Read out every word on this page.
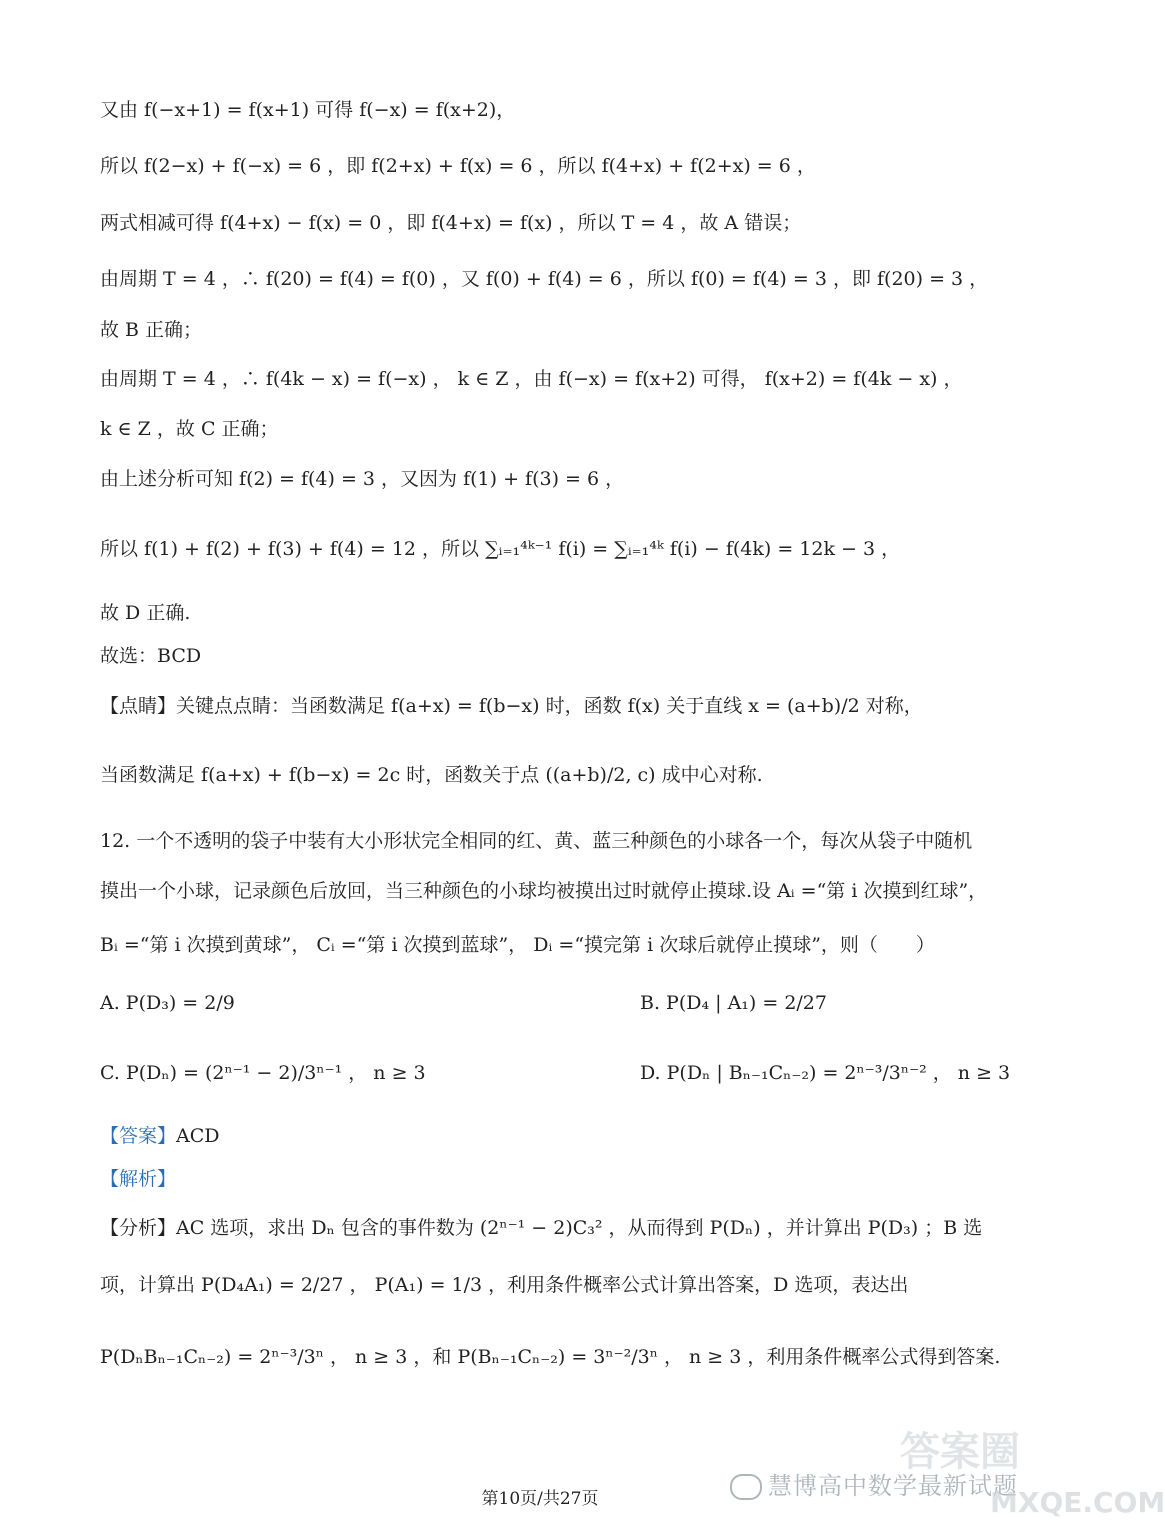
又由 f(−x+1) = f(x+1) 可得 f(−x) = f(x+2)，
所以 f(2−x) + f(−x) = 6 ，即 f(2+x) + f(x) = 6 ，所以 f(4+x) + f(2+x) = 6 ，
两式相减可得 f(4+x) − f(x) = 0 ，即 f(4+x) = f(x) ，所以 T = 4 ，故 A 错误；
由周期 T = 4 ，∴ f(20) = f(4) = f(0) ，又 f(0) + f(4) = 6 ，所以 f(0) = f(4) = 3 ，即 f(20) = 3 ，
故 B 正确；
由周期 T = 4 ，∴ f(4k − x) = f(−x) ， k ∈ Z ，由 f(−x) = f(x+2) 可得， f(x+2) = f(4k − x) ，
k ∈ Z ，故 C 正确；
由上述分析可知 f(2) = f(4) = 3 ，又因为 f(1) + f(3) = 6 ，
所以 f(1) + f(2) + f(3) + f(4) = 12 ，所以 ∑ᵢ₌₁⁴ᵏ⁻¹ f(i) = ∑ᵢ₌₁⁴ᵏ f(i) − f(4k) = 12k − 3 ，
故 D 正确.
故选：BCD
【点睛】关键点点睛：当函数满足 f(a+x) = f(b−x) 时，函数 f(x) 关于直线 x = (a+b)/2 对称，
当函数满足 f(a+x) + f(b−x) = 2c 时，函数关于点 ((a+b)/2, c) 成中心对称.
12. 一个不透明的袋子中装有大小形状完全相同的红、黄、蓝三种颜色的小球各一个，每次从袋子中随机
摸出一个小球，记录颜色后放回，当三种颜色的小球均被摸出过时就停止摸球.设 Aᵢ =“第 i 次摸到红球”，
Bᵢ =“第 i 次摸到黄球”， Cᵢ =“第 i 次摸到蓝球”， Dᵢ =“摸完第 i 次球后就停止摸球”，则（　　）
A. P(D₃) = 2/9	B. P(D₄ | A₁) = 2/27
C. P(Dₙ) = (2ⁿ⁻¹ − 2)/3ⁿ⁻¹ ， n ≥ 3	D. P(Dₙ | Bₙ₋₁Cₙ₋₂) = 2ⁿ⁻³/3ⁿ⁻² ， n ≥ 3
【答案】ACD
【解析】
【分析】AC 选项，求出 Dₙ 包含的事件数为 (2ⁿ⁻¹ − 2)C₃² ，从而得到 P(Dₙ) ，并计算出 P(D₃) ；B 选
项，计算出 P(D₄A₁) = 2/27 ， P(A₁) = 1/3 ，利用条件概率公式计算出答案，D 选项，表达出
P(DₙBₙ₋₁Cₙ₋₂) = 2ⁿ⁻³/3ⁿ ， n ≥ 3 ，和 P(Bₙ₋₁Cₙ₋₂) = 3ⁿ⁻²/3ⁿ ， n ≥ 3 ，利用条件概率公式得到答案.
答案圈
慧博高中数学最新试题
MXQE.COM
第10页/共27页
